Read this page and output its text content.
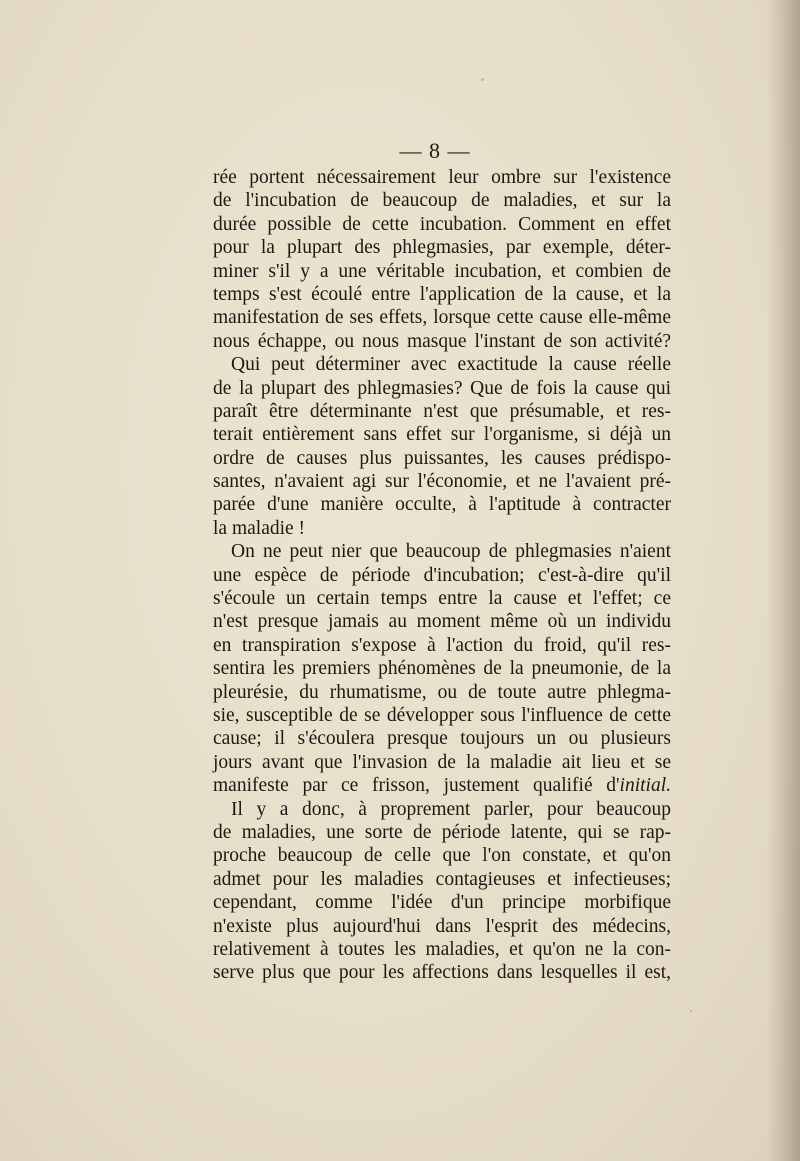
— 8 —
rée portent nécessairement leur ombre sur l'existence
de l'incubation de beaucoup de maladies, et sur la
durée possible de cette incubation. Comment en effet
pour la plupart des phlegmasies, par exemple, déter-
miner s'il y a une véritable incubation, et combien de
temps s'est écoulé entre l'application de la cause, et la
manifestation de ses effets, lorsque cette cause elle-même
nous échappe, ou nous masque l'instant de son activité?
Qui peut déterminer avec exactitude la cause réelle
de la plupart des phlegmasies? Que de fois la cause qui
paraît être déterminante n'est que présumable, et res-
terait entièrement sans effet sur l'organisme, si déjà un
ordre de causes plus puissantes, les causes prédispo-
santes, n'avaient agi sur l'économie, et ne l'avaient pré-
parée d'une manière occulte, à l'aptitude à contracter
la maladie !
On ne peut nier que beaucoup de phlegmasies n'aient
une espèce de période d'incubation; c'est-à-dire qu'il
s'écoule un certain temps entre la cause et l'effet; ce
n'est presque jamais au moment même où un individu
en transpiration s'expose à l'action du froid, qu'il res-
sentira les premiers phénomènes de la pneumonie, de la
pleurésie, du rhumatisme, ou de toute autre phlegma-
sie, susceptible de se développer sous l'influence de cette
cause; il s'écoulera presque toujours un ou plusieurs
jours avant que l'invasion de la maladie ait lieu et se
manifeste par ce frisson, justement qualifié d'initial.
Il y a donc, à proprement parler, pour beaucoup
de maladies, une sorte de période latente, qui se rap-
proche beaucoup de celle que l'on constate, et qu'on
admet pour les maladies contagieuses et infectieuses;
cependant, comme l'idée d'un principe morbifique
n'existe plus aujourd'hui dans l'esprit des médecins,
relativement à toutes les maladies, et qu'on ne la con-
serve plus que pour les affections dans lesquelles il est,
